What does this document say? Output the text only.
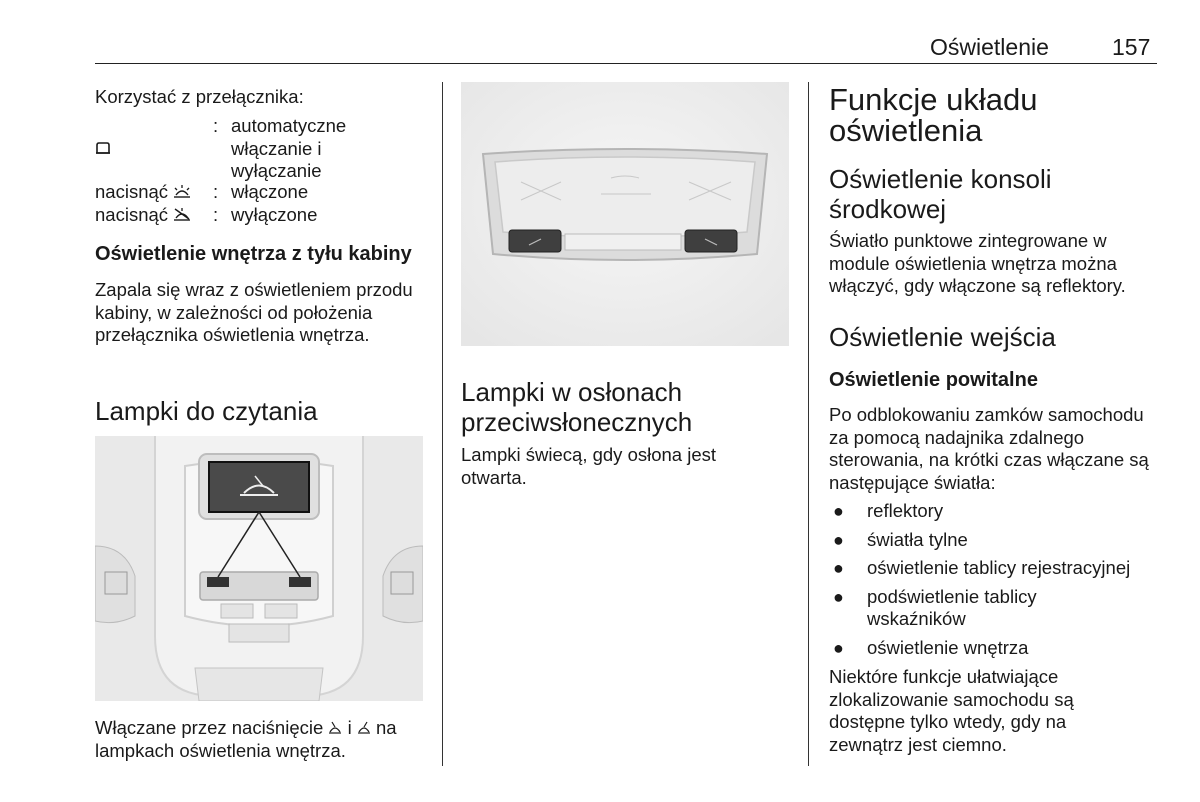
Oświetlenie	157
Korzystać z przełącznika:
: automatyczne włączanie i wyłączanie
nacisnąć : włączone
nacisnąć : wyłączone
Oświetlenie wnętrza z tyłu kabiny
Zapala się wraz z oświetleniem przodu kabiny, w zależności od położenia przełącznika oświetlenia wnętrza.
Lampki do czytania
Włączane przez naciśnięcie i na
lampkach oświetlenia wnętrza.
Lampki w osłonach
przeciwsłonecznych
Lampki świecą, gdy osłona jest otwarta.
Funkcje układu
oświetlenia
Oświetlenie konsoli
środkowej
Światło punktowe zintegrowane w module oświetlenia wnętrza można włączyć, gdy włączone są reflektory.
Oświetlenie wejścia
Oświetlenie powitalne
Po odblokowaniu zamków samochodu za pomocą nadajnika zdalnego sterowania, na krótki czas włączane są następujące światła:
● reflektory
● światła tylne
● oświetlenie tablicy rejestracyjnej
● podświetlenie tablicy wskaźników
● oświetlenie wnętrza
Niektóre funkcje ułatwiające zlokalizowanie samochodu są dostępne tylko wtedy, gdy na zewnątrz jest ciemno.
